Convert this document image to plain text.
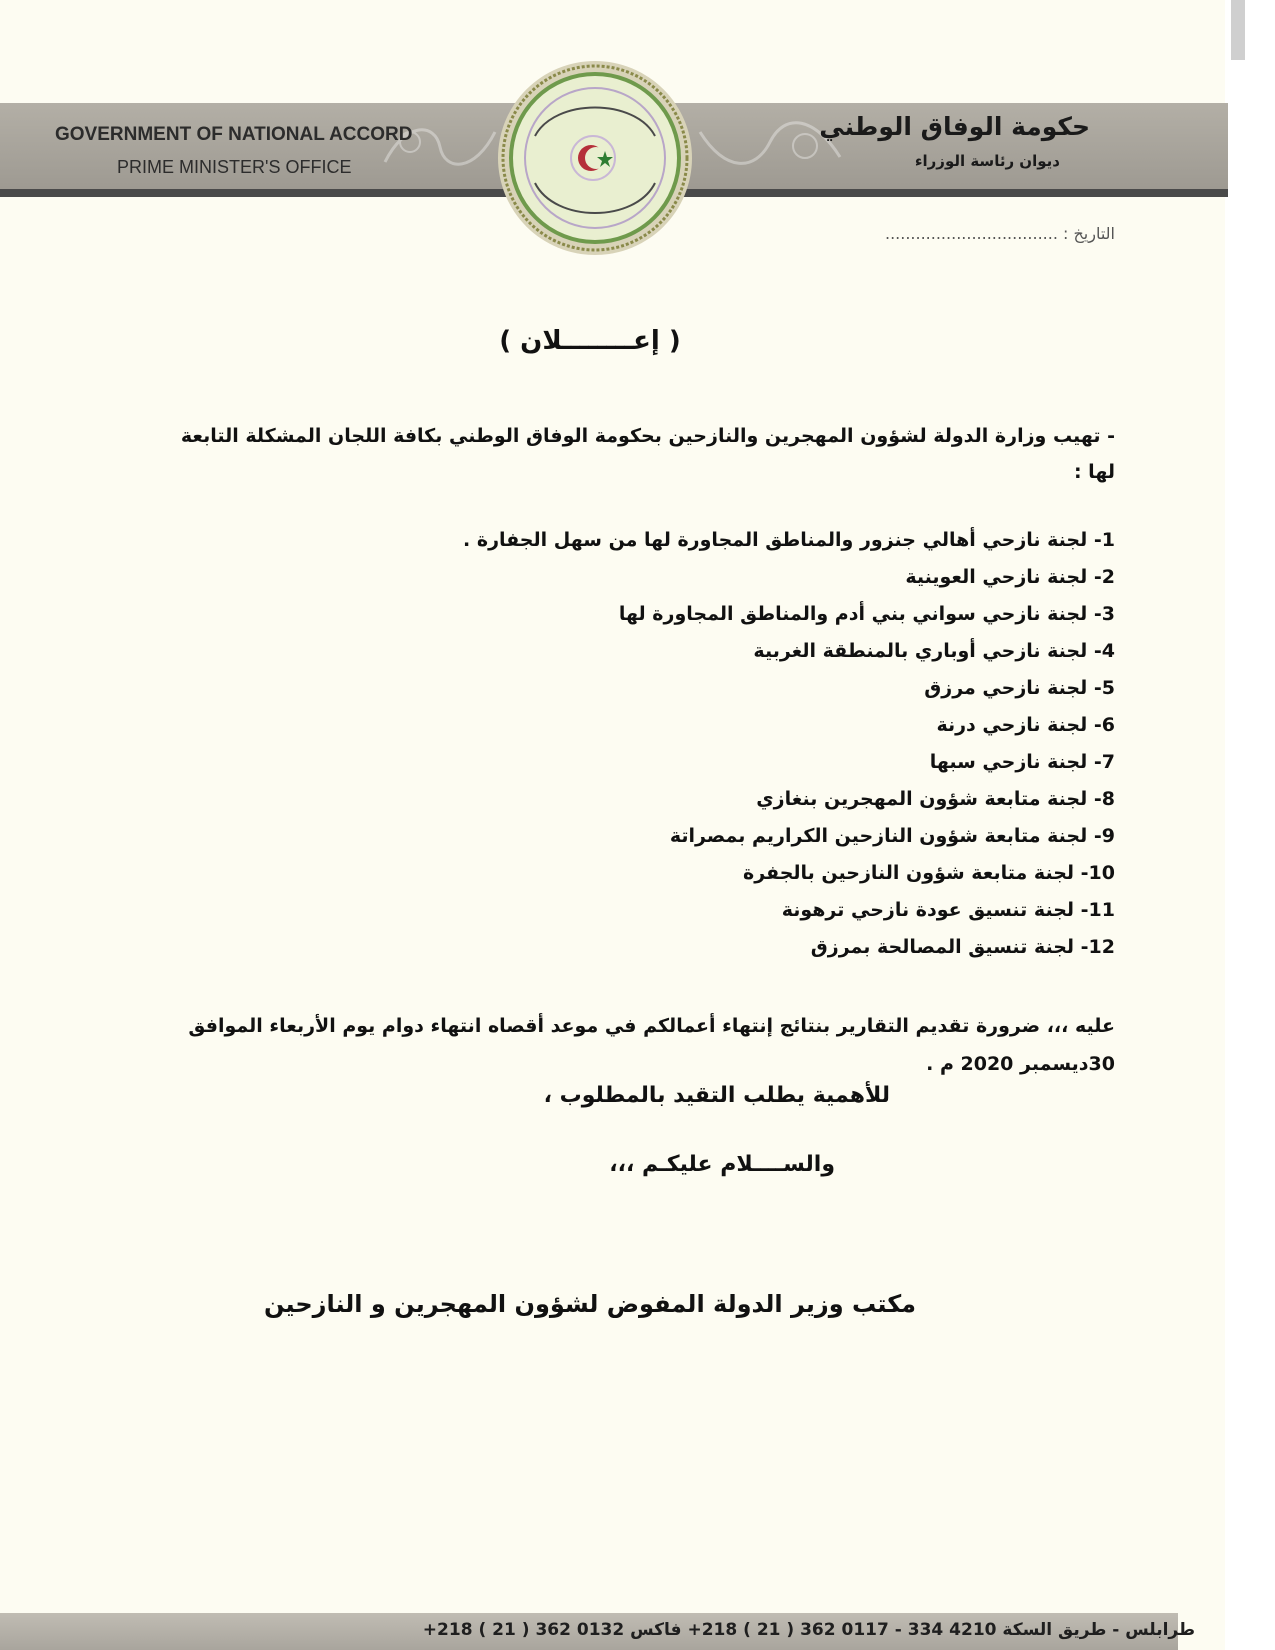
GOVERNMENT OF NATIONAL ACCORD
PRIME MINISTER'S OFFICE
حكومة الوفاق الوطني
ديوان رئاسة الوزراء
التاريخ : ..................................
( إعــــــــلان )
- تهيب وزارة الدولة لشؤون المهجرين والنازحين بحكومة الوفاق الوطني بكافة اللجان المشكلة التابعة لها :
1- لجنة نازحي أهالي جنزور والمناطق المجاورة لها من سهل الجفارة .
2- لجنة نازحي العوينية
3- لجنة نازحي سواني بني أدم والمناطق المجاورة لها
4- لجنة نازحي أوباري بالمنطقة الغربية
5- لجنة نازحي مرزق
6- لجنة نازحي درنة
7- لجنة نازحي سبها
8- لجنة متابعة شؤون المهجرين بنغازي
9- لجنة متابعة شؤون النازحين الكراريم بمصراتة
10- لجنة متابعة شؤون النازحين بالجفرة
11- لجنة تنسيق عودة نازحي ترهونة
12- لجنة تنسيق المصالحة بمرزق
عليه ،،، ضرورة تقديم التقارير بنتائج إنتهاء أعمالكم في موعد أقصاه انتهاء دوام يوم الأربعاء الموافق 30ديسمبر 2020 م .
للأهمية يطلب التقيد بالمطلوب ،
والســــلام عليكـم ،،،
مكتب وزير الدولة المفوض لشؤون المهجرين و النازحين
طرابلس - طريق السكة 4210 334 - 0117 362 ( 21 ) 218+ فاكس 0132 362 ( 21 ) 218+
